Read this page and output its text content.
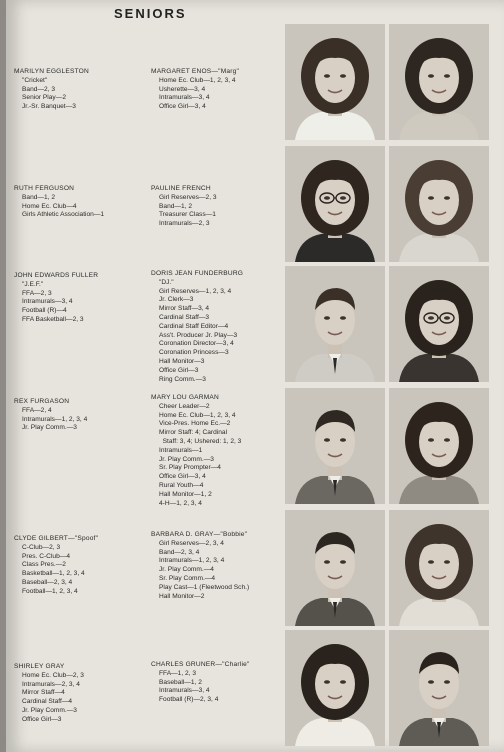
SENIORS
MARILYN EGGLESTON
"Cricket"
Band—2, 3
Senior Play—2
Jr.-Sr. Banquet—3
RUTH FERGUSON
Band—1, 2
Home Ec. Club—4
Girls Athletic Association—1
JOHN EDWARDS FULLER
"J.E.F."
FFA—2, 3
Intramurals—3, 4
Football (R)—4
FFA Basketball—2, 3
REX FURGASON
FFA—2, 4
Intramurals—1, 2, 3, 4
Jr. Play Comm.—3
CLYDE GILBERT—"Spoof"
C-Club—2, 3
Pres. C-Club—4
Class Pres.—2
Basketball—1, 2, 3, 4
Baseball—2, 3, 4
Football—1, 2, 3, 4
SHIRLEY GRAY
Home Ec. Club—2, 3
Intramurals—2, 3, 4
Mirror Staff—4
Cardinal Staff—4
Jr. Play Comm.—3
Office Girl—3
MARGARET ENOS—"Marg"
Home Ec. Club—1, 2, 3, 4
Usherette—3, 4
Intramurals—3, 4
Office Girl—3, 4
PAULINE FRENCH
Girl Reserves—2, 3
Band—1, 2
Treasurer Class—1
Intramurals—2, 3
DORIS JEAN FUNDERBURG
"DJ."
Girl Reserves—1, 2, 3, 4
Jr. Clerk—3
Mirror Staff—3, 4
Cardinal Staff—3
Cardinal Staff Editor—4
Ass't. Producer Jr. Play—3
Coronation Director—3, 4
Coronation Princess—3
Hall Monitor—3
Office Girl—3
Ring Comm.—3
MARY LOU GARMAN
Cheer Leader—2
Home Ec. Club—1, 2, 3, 4
Vice-Pres. Home Ec.—2
Mirror Staff: 4; Cardinal
Staff: 3, 4; Ushered: 1, 2, 3
Intramurals—1
Jr. Play Comm.—3
Sr. Play Prompter—4
Office Girl—3, 4
Rural Youth—4
Hall Monitor—1, 2
4-H—1, 2, 3, 4
BARBARA D. GRAY—"Bobbie"
Girl Reserves—2, 3, 4
Band—2, 3, 4
Intramurals—1, 2, 3, 4
Jr. Play Comm.—4
Sr. Play Comm.—4
Play Cast—1 (Fleetwood Sch.)
Hall Monitor—2
CHARLES GRUNER—"Charlie"
FFA—1, 2, 3
Baseball—1, 2
Intramurals—3, 4
Football (R)—2, 3, 4
